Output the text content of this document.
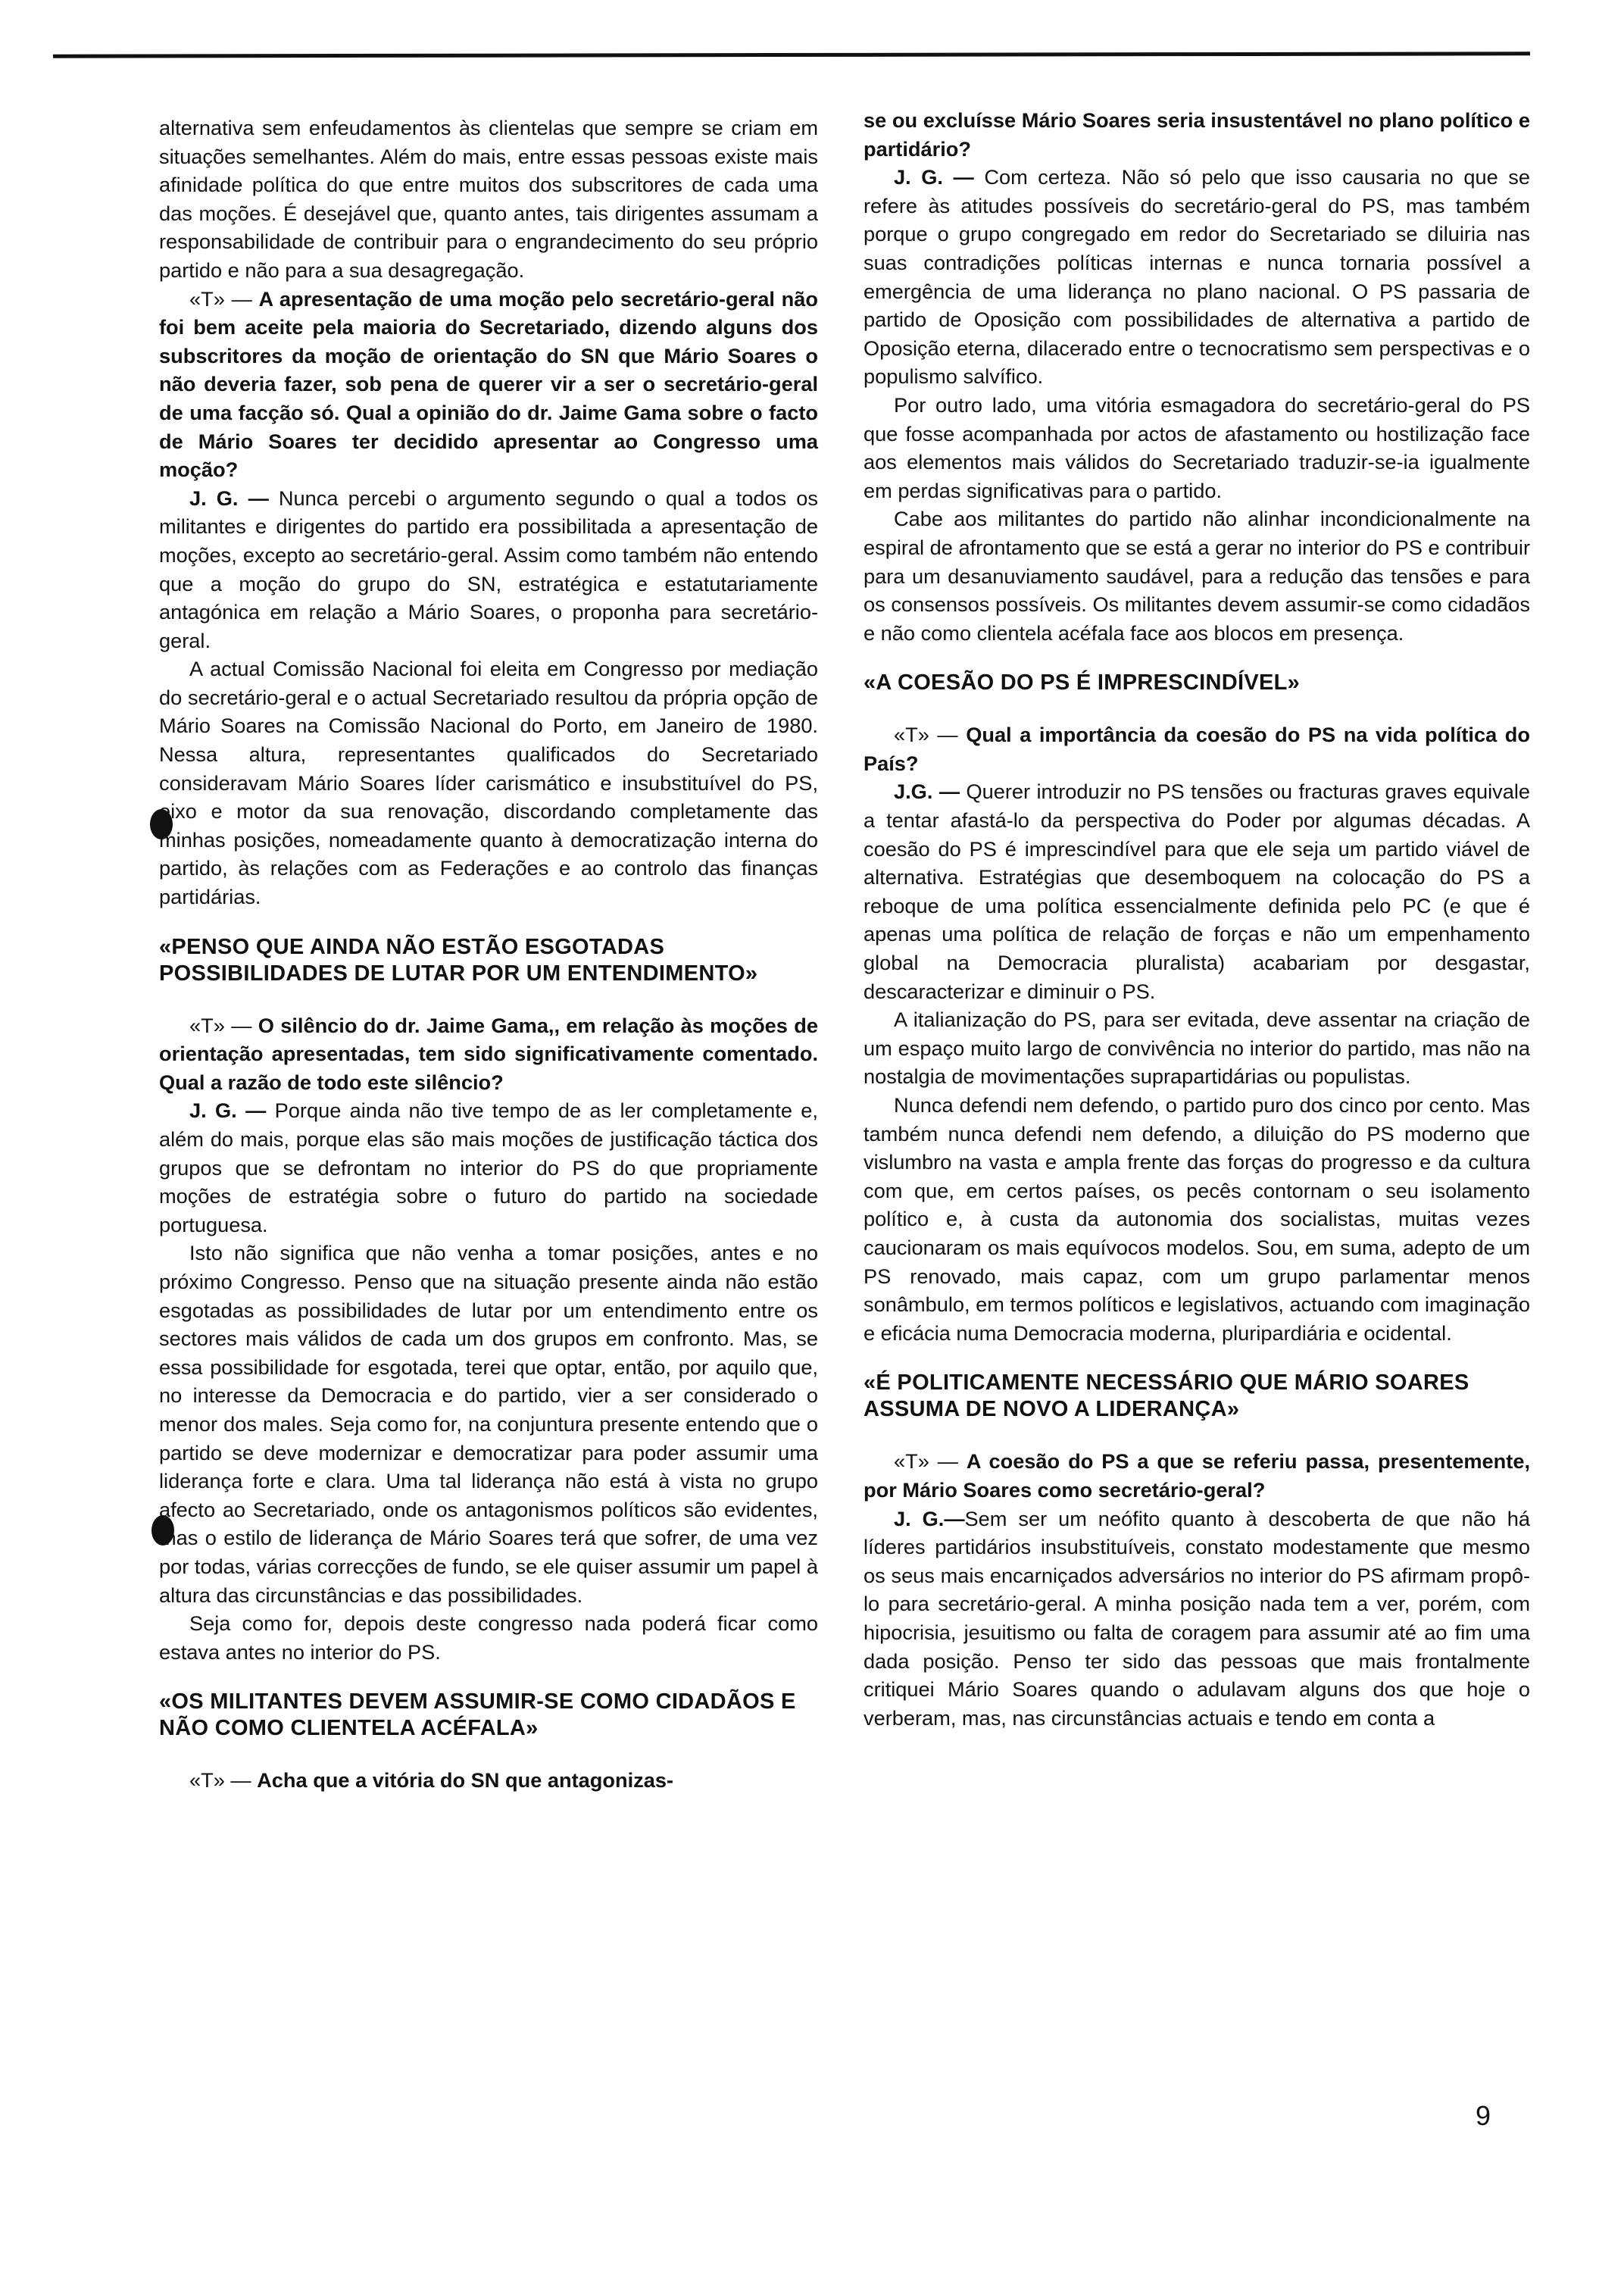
alternativa sem enfeudamentos às clientelas que sempre se criam em situações semelhantes. Além do mais, entre essas pessoas existe mais afinidade política do que entre muitos dos subscritores de cada uma das moções. É desejável que, quanto antes, tais dirigentes assumam a responsabilidade de contribuir para o engrandecimento do seu próprio partido e não para a sua desagregação.

«T» — A apresentação de uma moção pelo secretário-geral não foi bem aceite pela maioria do Secretariado, dizendo alguns dos subscritores da moção de orientação do SN que Mário Soares o não deveria fazer, sob pena de querer vir a ser o secretário-geral de uma facção só. Qual a opinião do dr. Jaime Gama sobre o facto de Mário Soares ter decidido apresentar ao Congresso uma moção?

J. G. — Nunca percebi o argumento segundo o qual a todos os militantes e dirigentes do partido era possibilitada a apresentação de moções, excepto ao secretário-geral. Assim como também não entendo que a moção do grupo do SN, estratégica e estatutariamente antagónica em relação a Mário Soares, o proponha para secretário-geral.

A actual Comissão Nacional foi eleita em Congresso por mediação do secretário-geral e o actual Secretariado resultou da própria opção de Mário Soares na Comissão Nacional do Porto, em Janeiro de 1980. Nessa altura, representantes qualificados do Secretariado consideravam Mário Soares líder carismático e insubstituível do PS, eixo e motor da sua renovação, discordando completamente das minhas posições, nomeadamente quanto à democratização interna do partido, às relações com as Federações e ao controlo das finanças partidárias.

«PENSO QUE AINDA NÃO ESTÃO ESGOTADAS POSSIBILIDADES DE LUTAR POR UM ENTENDIMENTO»

«T» — O silêncio do dr. Jaime Gama,, em relação às moções de orientação apresentadas, tem sido significativamente comentado. Qual a razão de todo este silêncio?

J. G. — Porque ainda não tive tempo de as ler completamente e, além do mais, porque elas são mais moções de justificação táctica dos grupos que se defrontam no interior do PS do que propriamente moções de estratégia sobre o futuro do partido na sociedade portuguesa.

Isto não significa que não venha a tomar posições, antes e no próximo Congresso. Penso que na situação presente ainda não estão esgotadas as possibilidades de lutar por um entendimento entre os sectores mais válidos de cada um dos grupos em confronto. Mas, se essa possibilidade for esgotada, terei que optar, então, por aquilo que, no interesse da Democracia e do partido, vier a ser considerado o menor dos males. Seja como for, na conjuntura presente entendo que o partido se deve modernizar e democratizar para poder assumir uma liderança forte e clara. Uma tal liderança não está à vista no grupo afecto ao Secretariado, onde os antagonismos políticos são evidentes, mas o estilo de liderança de Mário Soares terá que sofrer, de uma vez por todas, várias correcções de fundo, se ele quiser assumir um papel à altura das circunstâncias e das possibilidades.

Seja como for, depois deste congresso nada poderá ficar como estava antes no interior do PS.

«OS MILITANTES DEVEM ASSUMIR-SE COMO CIDADÃOS E NÃO COMO CLIENTELA ACÉFALA»

«T» — Acha que a vitória do SN que antagonizas-

se ou excluísse Mário Soares seria insustentável no plano político e partidário?

J. G. — Com certeza. Não só pelo que isso causaria no que se refere às atitudes possíveis do secretário-geral do PS, mas também porque o grupo congregado em redor do Secretariado se diluiria nas suas contradições políticas internas e nunca tornaria possível a emergência de uma liderança no plano nacional. O PS passaria de partido de Oposição com possibilidades de alternativa a partido de Oposição eterna, dilacerado entre o tecnocratismo sem perspectivas e o populismo salvífico.

Por outro lado, uma vitória esmagadora do secretário-geral do PS que fosse acompanhada por actos de afastamento ou hostilização face aos elementos mais válidos do Secretariado traduzir-se-ia igualmente em perdas significativas para o partido.

Cabe aos militantes do partido não alinhar incondicionalmente na espiral de afrontamento que se está a gerar no interior do PS e contribuir para um desanuviamento saudável, para a redução das tensões e para os consensos possíveis. Os militantes devem assumir-se como cidadãos e não como clientela acéfala face aos blocos em presença.

«A COESÃO DO PS É IMPRESCINDÍVEL»

«T» — Qual a importância da coesão do PS na vida política do País?

J.G. — Querer introduzir no PS tensões ou fracturas graves equivale a tentar afastá-lo da perspectiva do Poder por algumas décadas. A coesão do PS é imprescindível para que ele seja um partido viável de alternativa. Estratégias que desemboquem na colocação do PS a reboque de uma política essencialmente definida pelo PC (e que é apenas uma política de relação de forças e não um empenhamento global na Democracia pluralista) acabariam por desgastar, descaracterizar e diminuir o PS.

A italianização do PS, para ser evitada, deve assentar na criação de um espaço muito largo de convivência no interior do partido, mas não na nostalgia de movimentações suprapartidárias ou populistas.

Nunca defendi nem defendo, o partido puro dos cinco por cento. Mas também nunca defendi nem defendo, a diluição do PS moderno que vislumbro na vasta e ampla frente das forças do progresso e da cultura com que, em certos países, os pecês contornam o seu isolamento político e, à custa da autonomia dos socialistas, muitas vezes caucionaram os mais equívocos modelos. Sou, em suma, adepto de um PS renovado, mais capaz, com um grupo parlamentar menos sonâmbulo, em termos políticos e legislativos, actuando com imaginação e eficácia numa Democracia moderna, pluripardiária e ocidental.

«É POLITICAMENTE NECESSÁRIO QUE MÁRIO SOARES ASSUMA DE NOVO A LIDERANÇA»

«T» — A coesão do PS a que se referiu passa, presentemente, por Mário Soares como secretário-geral?

J. G.—Sem ser um neófito quanto à descoberta de que não há líderes partidários insubstituíveis, constato modestamente que mesmo os seus mais encarniçados adversários no interior do PS afirmam propô-lo para secretário-geral. A minha posição nada tem a ver, porém, com hipocrisia, jesuitismo ou falta de coragem para assumir até ao fim uma dada posição. Penso ter sido das pessoas que mais frontalmente critiquei Mário Soares quando o adulavam alguns dos que hoje o verberam, mas, nas circunstâncias actuais e tendo em conta a

9
